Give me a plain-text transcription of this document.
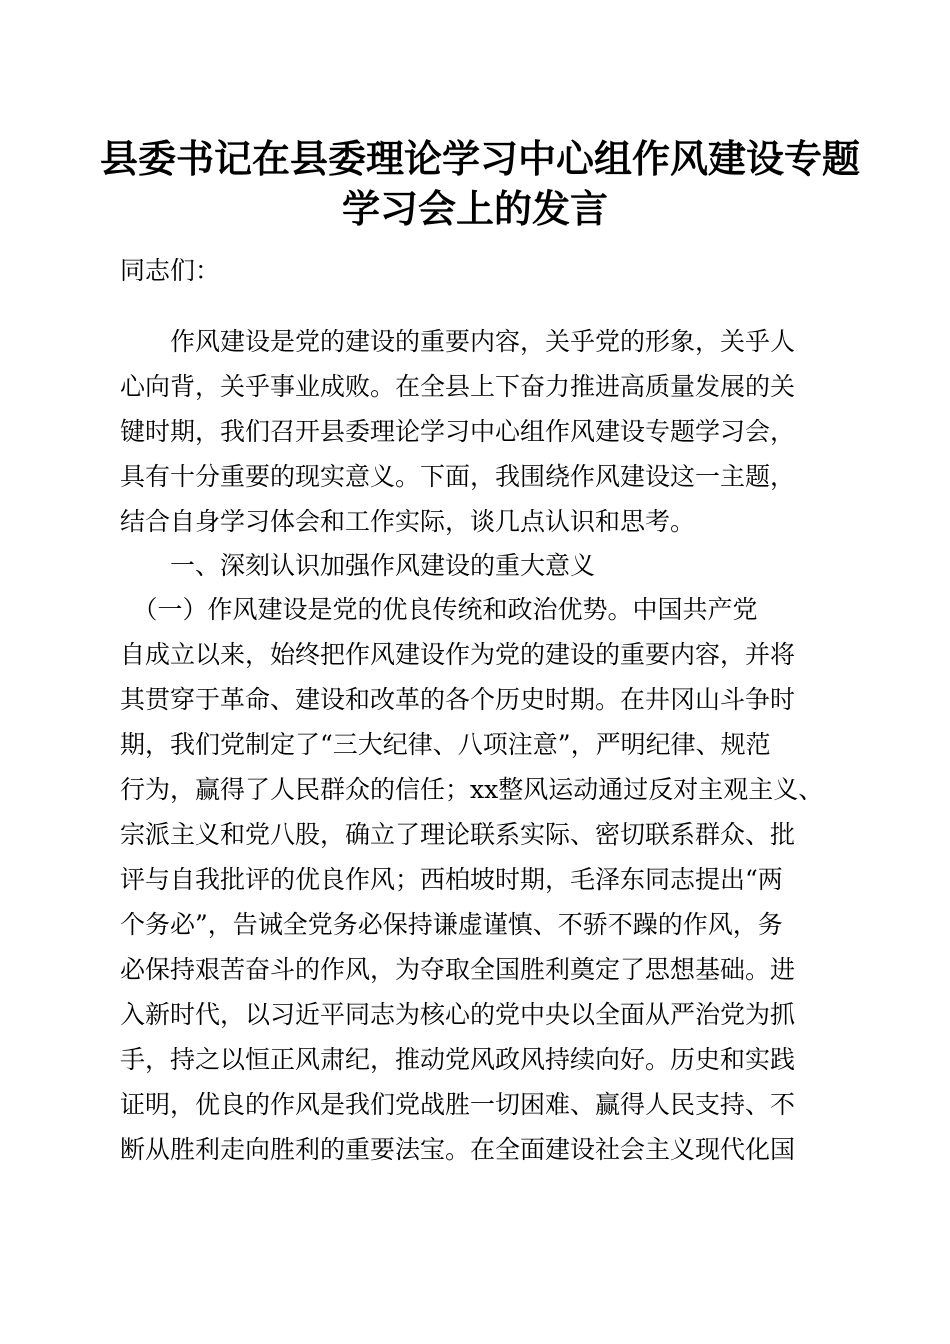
县委书记在县委理论学习中心组作风建设专题
学习会上的发言
同志们：
　　作风建设是党的建设的重要内容，关乎党的形象，关乎人
心向背，关乎事业成败。在全县上下奋力推进高质量发展的关
键时期，我们召开县委理论学习中心组作风建设专题学习会，
具有十分重要的现实意义。下面，我围绕作风建设这一主题，
结合自身学习体会和工作实际，谈几点认识和思考。
一、深刻认识加强作风建设的重大意义
　（一）作风建设是党的优良传统和政治优势。中国共产党
自成立以来，始终把作风建设作为党的建设的重要内容，并将
其贯穿于革命、建设和改革的各个历史时期。在井冈山斗争时
期，我们党制定了“三大纪律、八项注意”，严明纪律、规范
行为，赢得了人民群众的信任；xx整风运动通过反对主观主义、
宗派主义和党八股，确立了理论联系实际、密切联系群众、批
评与自我批评的优良作风；西柏坡时期，毛泽东同志提出“两
个务必”，告诫全党务必保持谦虚谨慎、不骄不躁的作风，务
必保持艰苦奋斗的作风，为夺取全国胜利奠定了思想基础。进
入新时代，以习近平同志为核心的党中央以全面从严治党为抓
手，持之以恒正风肃纪，推动党风政风持续向好。历史和实践
证明，优良的作风是我们党战胜一切困难、赢得人民支持、不
断从胜利走向胜利的重要法宝。在全面建设社会主义现代化国
